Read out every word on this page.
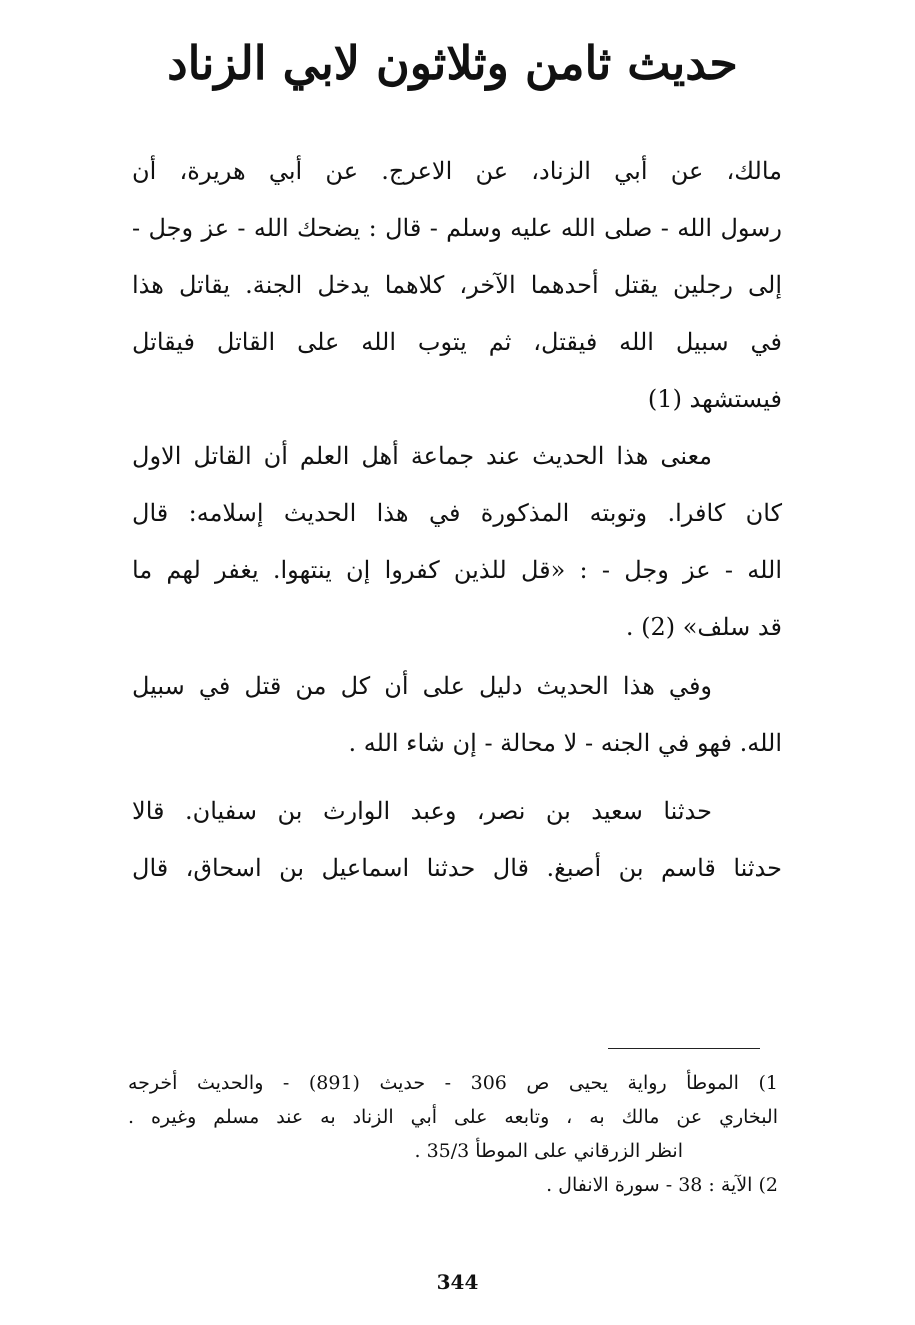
حديث ثامن وثلاثون لابي الزناد
مالك، عن أبي الزناد، عن الاعرج. عن أبي هريرة، أن
رسول الله - صلى الله عليه وسلم - قال : يضحك الله - عز وجل -
إلى رجلين يقتل أحدهما الآخر، كلاهما يدخل الجنة. يقاتل هذا
في سبيل الله فيقتل، ثم يتوب الله على القاتل فيقاتل
فيستشهد (1)
معنى هذا الحديث عند جماعة أهل العلم أن القاتل الاول
كان كافرا. وتوبته المذكورة في هذا الحديث إسلامه: قال
الله - عز وجل - : «قل للذين كفروا إن ينتهوا. يغفر لهم ما
قد سلف» (2) .
وفي هذا الحديث دليل على أن كل من قتل في سبيل
الله. فهو في الجنه - لا محالة - إن شاء الله .
حدثنا سعيد بن نصر، وعبد الوارث بن سفيان. قالا
حدثنا قاسم بن أصبغ. قال حدثنا اسماعيل بن اسحاق، قال
1) الموطأ رواية يحيى ص 306 - حديث (891) - والحديث أخرجه
البخاري عن مالك به ، وتابعه على أبي الزناد به عند مسلم وغيره .
انظر الزرقاني على الموطأ 35/3 .
2) الآية : 38 - سورة الانفال .
344
